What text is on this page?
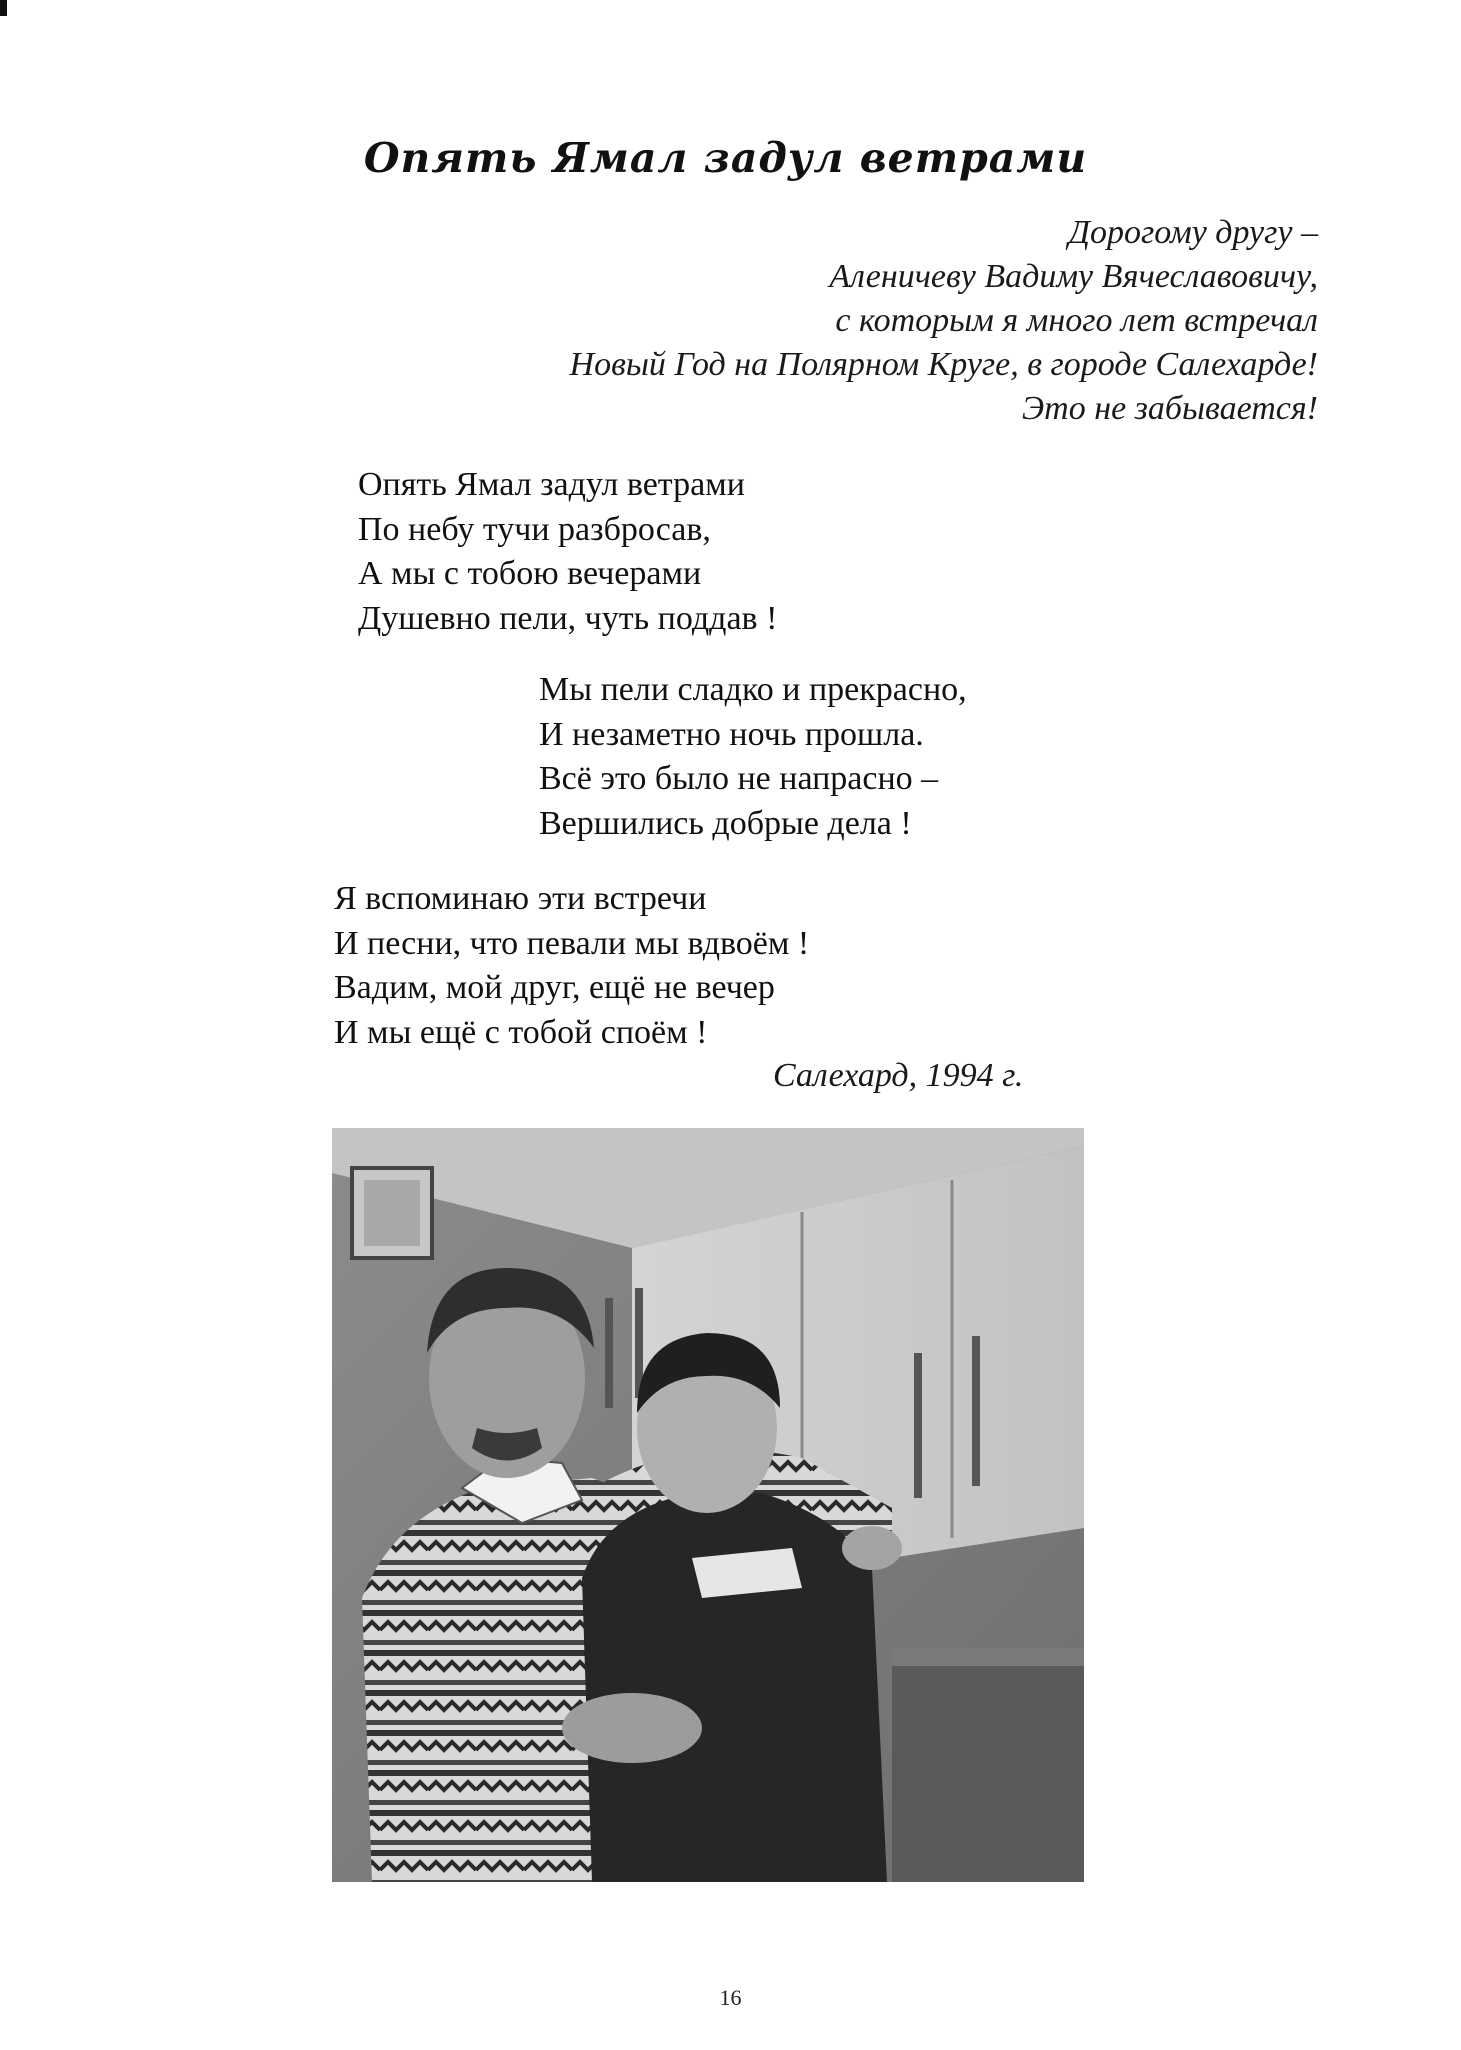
Опять Ямал задул ветрами
Дорогому другу –
Аленичеву Вадиму Вячеславовичу,
с которым я много лет встречал
Новый Год на Полярном Круге, в городе Салехарде!
Это не забывается!
Опять Ямал задул ветрами
По небу тучи разбросав,
А мы с тобою вечерами
Душевно пели, чуть поддав !
Мы пели сладко и прекрасно,
И незаметно ночь прошла.
Всё это было не напрасно –
Вершились добрые дела !
Я вспоминаю эти встречи
И песни, что певали мы вдвоём !
Вадим, мой друг, ещё не вечер
И мы ещё с тобой споём !
Салехард, 1994 г.
16
